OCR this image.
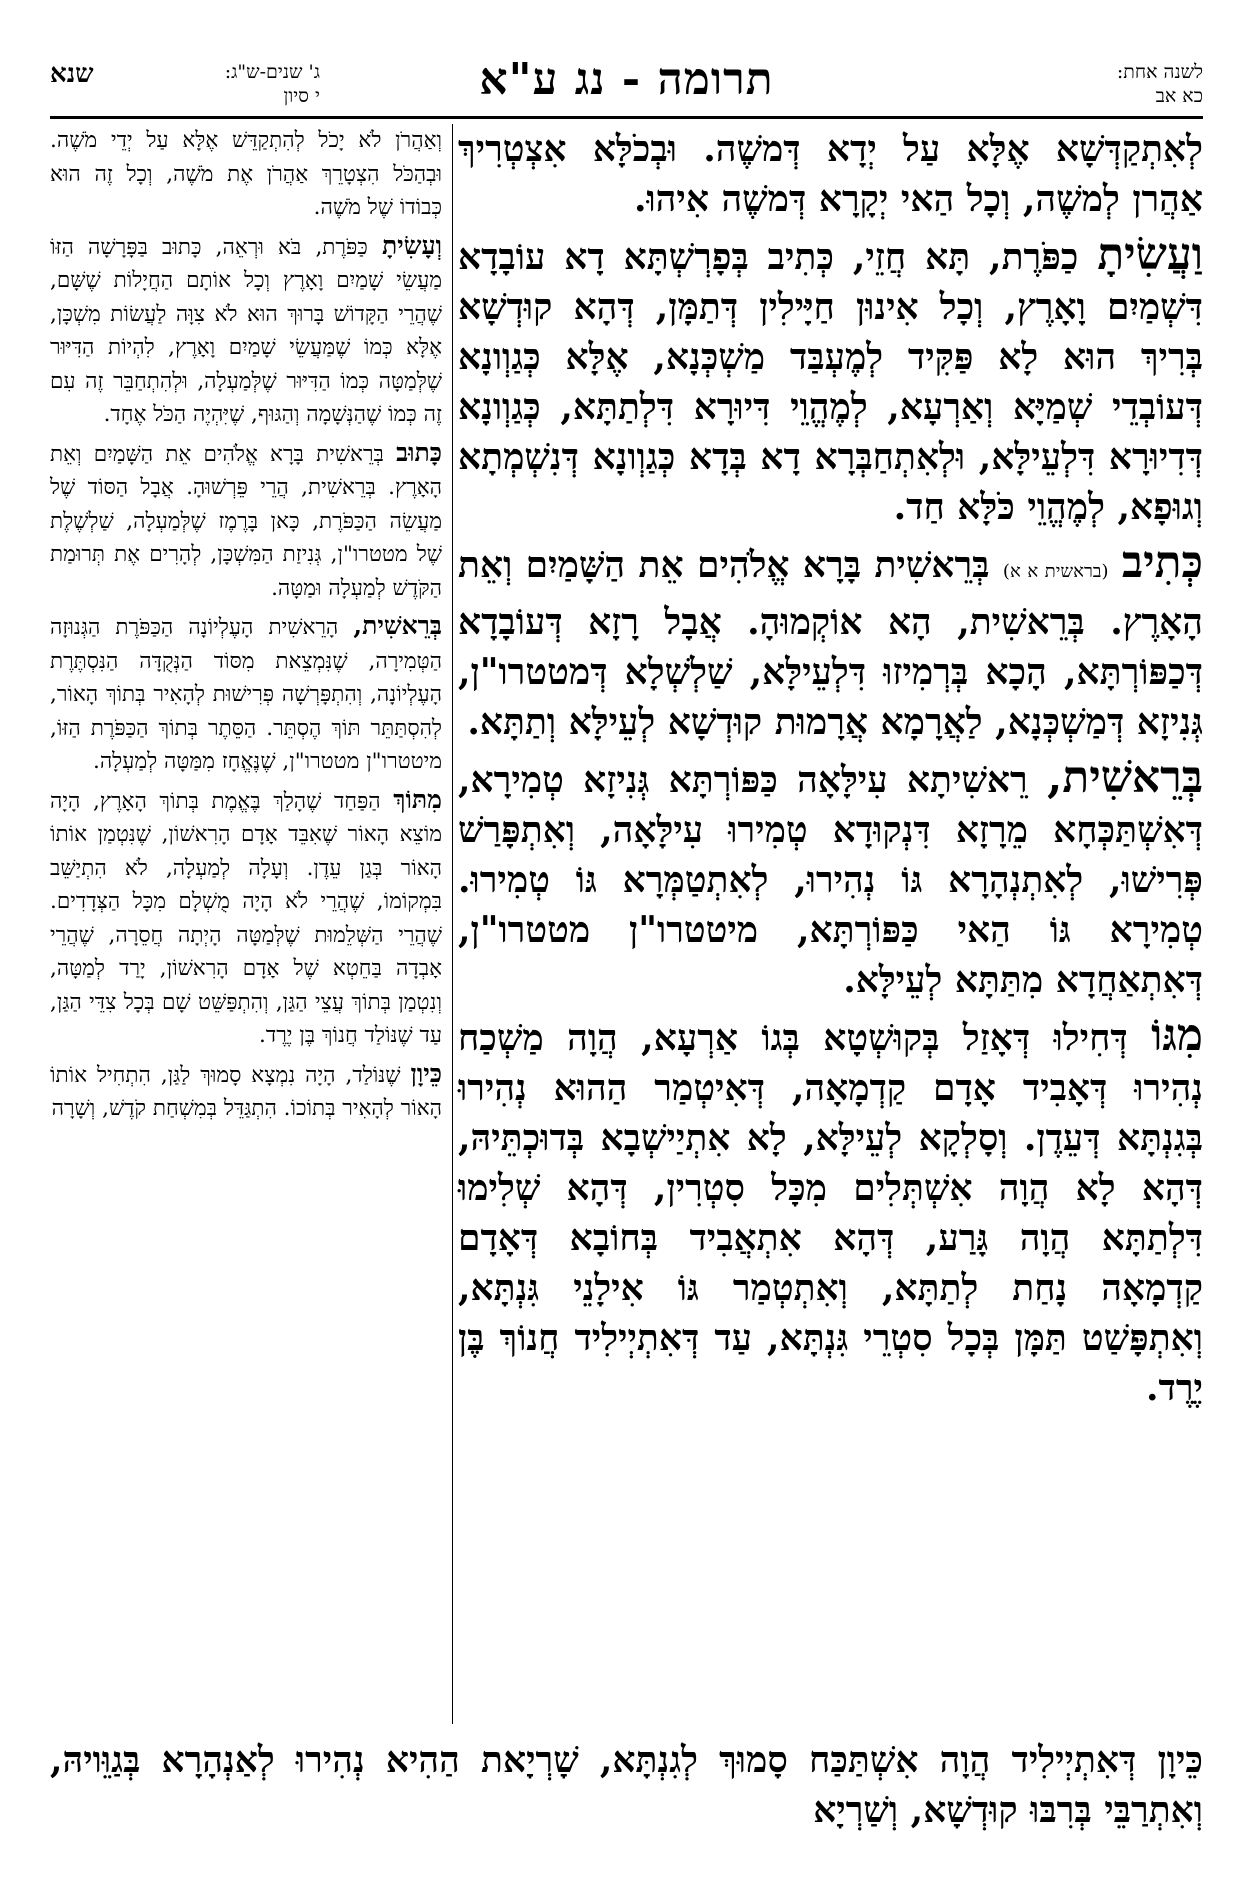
לשנה אחת:
כא אב
תרומה - נג ע"א
ג' שנים-ש"ג:
י סיון
שנא

לְאִתְקַדְּשָׁא אֶלָּא עַל יְדָא דְּמשֶׁה. וּבְכֹלָּא אִצְטְרִיךְ אַהֲרן לְמשֶׁה, וְכָל הַאי יְקָרָא דְּמשֶׁה אִיהוּ.

וַעֲשִׂיתָ כַפֹּרֶת, תָּא חֲזֵי, כְּתִיב בְּפָרְשְׁתָּא דָא עוֹבָדָא דִּשְׁמַיִם וָאָרֶץ, וְכָל אִינוּן חַיָּילִין דְּתַמָּן, דְּהָא קוּדְשָׁא בְּרִיךְ הוּא לָא פַּקִּיד לְמֶעְבַּד מַשְׁכְּנָא, אֶלָּא כְּגַוְונָא דְּעוֹבְדֵי שְׁמַיָּא וְאַרְעָא, לְמֶהֱוֵי דִּיוּרָא דִּלְתַתָּא, כְּגַוְונָא דְּדִיוּרָא דִּלְעֵילָּא, וּלְאִתְחַבְּרָא דָא בְּדָא כְּגַוְונָא דְּנִשְׁמְתָא וְגוּפָא, לְמֶהֱוֵי כֹּלָּא חַד.

כְּתִיב (בראשית א א) בְּרֵאשִׁית בָּרָא אֱלֹהִים אֵת הַשָּׁמַיִם וְאֵת הָאָרֶץ. בְּרֵאשִׁית, הָא אוֹקְמוּהָ. אֲבָל רָזָא דְּעוֹבָדָא דְּכַפּוֹרְתָּא, הָכָא בְּרְמִיזוּ דִּלְעֵילָּא, שַׁלְשְׁלָא דְּמטטרו"ן, גְּנִיזָא דְּמַשְׁכְּנָא, לַאֲרָמָא אֲרָמוּת קוּדְשָׁא לְעֵילָּא וְתַתָּא.

בְּרֵאשִׁית, רֵאשִׁיתָא עִילָּאָה כַּפּוֹרְתָּא גְּנִיזָא טְמִירָא, דְּאִשְׁתַּכְּחָא מֵרָזָא דִּנְקוּדָא טְמִירוּ עִילָּאָה, וְאִתְפָּרַשׁ פְּרִישׁוּ, לְאִתְנְהָרָא גּוֹ נְהִירוּ, לְאִתְטַמְּרָא גּוֹ טְמִירוּ. טְמִירָא גּוֹ הַאי כַּפּוֹרְתָּא, מיטטרו"ן מטטרו"ן, דְּאִתְאַחֲדָא מִתַּתָּא לְעֵילָּא.

מִגּוֹ דְּחִילוּ דְּאָזַל בְּקוּשְׁטָא בְּגוֹ אַרְעָא, הֲוָה מַשְׁכַח נְהִירוּ דְּאָבִיד אָדָם קַדְמָאָה, דְּאִיטְמַר הַהוּא נְהִירוּ בְּגִנְתָּא דְּעֵדֶן. וְסָלְקָא לְעֵילָּא, לָא אִתְיַישְׁבָא בְּדוּכְתֵּיהּ, דְּהָא לָא הֲוָה אִשְׁתְּלִים מִכָּל סִטְרִין, דְּהָא שְׁלִימוּ דִּלְתַתָּא הֲוָה גָּרַע, דְּהָא אִתְאֲבִיד בְּחוֹבָא דְּאָדָם קַדְמָאָה נָחַת לְתַתָּא, וְאִתְטְמַר גּוֹ אִילָנֵי גִּנְתָּא, וְאִתְפָּשַׁט תַּמָּן בְּכָל סִטְרֵי גִּנְתָּא, עַד דְּאִתְיְילִיד חֲנוֹךְ בֶּן יֶרֶד.

וְאַהֲרֹן לֹא יָכֹל לְהִתְקַדֵּשׁ אֶלָּא עַל יְדֵי מֹשֶׁה. וּבְהַכֹּל הִצְטָרֵךְ אַהֲרֹן אֶת מֹשֶׁה, וְכָל זֶה הוּא כְּבוֹדוֹ שֶׁל מֹשֶׁה.

וְעָשִׂיתָ כַּפֹּרֶת, בֹּא וּרְאֵה, כָּתוּב בַּפָּרָשָׁה הַזּוֹ מַעֲשֵׂי שָׁמַיִם וָאָרֶץ וְכָל אוֹתָם הַחֲיָלוֹת שֶׁשָּׁם, שֶׁהֲרֵי הַקָּדוֹשׁ בָּרוּךְ הוּא לֹא צִוָּה לַעֲשׂוֹת מִשְׁכָּן, אֶלָּא כְּמוֹ שֶׁמַּעֲשֵׂי שָׁמַיִם וָאָרֶץ, לִהְיוֹת הַדִּיּוּר שֶׁלְּמַטָּה כְּמוֹ הַדִּיּוּר שֶׁלְּמַעְלָה, וּלְהִתְחַבֵּר זֶה עִם זֶה כְּמוֹ שֶׁהַנְּשָׁמָה וְהַגּוּף, שֶׁיִּהְיֶה הַכֹּל אֶחָד.

כָּתוּב בְּרֵאשִׁית בָּרָא אֱלֹהִים אֵת הַשָּׁמַיִם וְאֵת הָאָרֶץ. בְּרֵאשִׁית, הֲרֵי פֵּרְשׁוּהָ. אֲבָל הַסּוֹד שֶׁל מַעֲשֵׂה הַכַּפֹּרֶת, כָּאן בָּרֶמֶז שֶׁלְּמַעְלָה, שַׁלְשֶׁלֶת שֶׁל מטטרו"ן, גְּנִיזַת הַמִּשְׁכָּן, לְהָרִים אֶת תְּרוּמַת הַקֹּדֶשׁ לְמַעְלָה וּמַטָּה.

בְּרֵאשִׁית, הָרֵאשִׁית הָעֶלְיוֹנָה הַכַּפֹּרֶת הַגְּנוּזָה הַטְּמִירָה, שֶׁנִּמְצֵאת מִסּוֹד הַנְּקֻדָּה הַנִּסְתֶּרֶת הָעֶלְיוֹנָה, וְהִתְפָּרְשָׁה פְּרִישׁוּת לְהָאִיר בְּתוֹךְ הָאוֹר, לְהִסְתַּתֵּר תּוֹךְ הֶסְתֵּר. הַסֵּתֶר בְּתוֹךְ הַכַּפֹּרֶת הַזּוֹ, מיטטרו"ן מטטרו"ן, שֶׁנֶּאֱחָז מִמַּטָּה לְמַעְלָה.

מִתּוֹךְ הַפַּחַד שֶׁהָלַךְ בֶּאֱמֶת בְּתוֹךְ הָאָרֶץ, הָיָה מוֹצֵא הָאוֹר שֶׁאִבֵּד אָדָם הָרִאשׁוֹן, שֶׁנִּטְמַן אוֹתוֹ הָאוֹר בְּגַן עֵדֶן. וְעָלָה לְמַעְלָה, לֹא הִתְיַשֵּׁב בִּמְקוֹמוֹ, שֶׁהֲרֵי לֹא הָיָה מֻשְׁלָם מִכָּל הַצְּדָדִים. שֶׁהֲרֵי הַשְּׁלֵמוּת שֶׁלְּמַטָּה הָיְתָה חֲסֵרָה, שֶׁהֲרֵי אָבְדָה בַּחֵטְא שֶׁל אָדָם הָרִאשׁוֹן, יָרַד לְמַטָּה, וְנִטְמַן בְּתוֹךְ עֲצֵי הַגַּן, וְהִתְפַּשֵּׁט שָׁם בְּכָל צִדֵּי הַגַּן, עַד שֶׁנּוֹלַד חֲנוֹךְ בֶּן יֶרֶד.

כֵּיוָן שֶׁנּוֹלַד, הָיָה נִמְצָא סָמוּךְ לַגַּן, הִתְחִיל אוֹתוֹ הָאוֹר לְהָאִיר בְּתוֹכוֹ. הִתְגַּדֵּל בְּמִשְׁחַת קֹדֶשׁ, וְשָׁרָה

כֵּיוָן דְּאִתְיְילִיד הֲוָה אִשְׁתַּכַּח סָמוּךְ לְגִנְתָּא, שָׁרְיָאת הַהִיא נְהִירוּ לְאַנְהָרָא בְּגַוֵּויהּ, וְאִתְרַבֵּי בְּרִבּוּ קוּדְשָׁא, וְשַׁרְיָא
